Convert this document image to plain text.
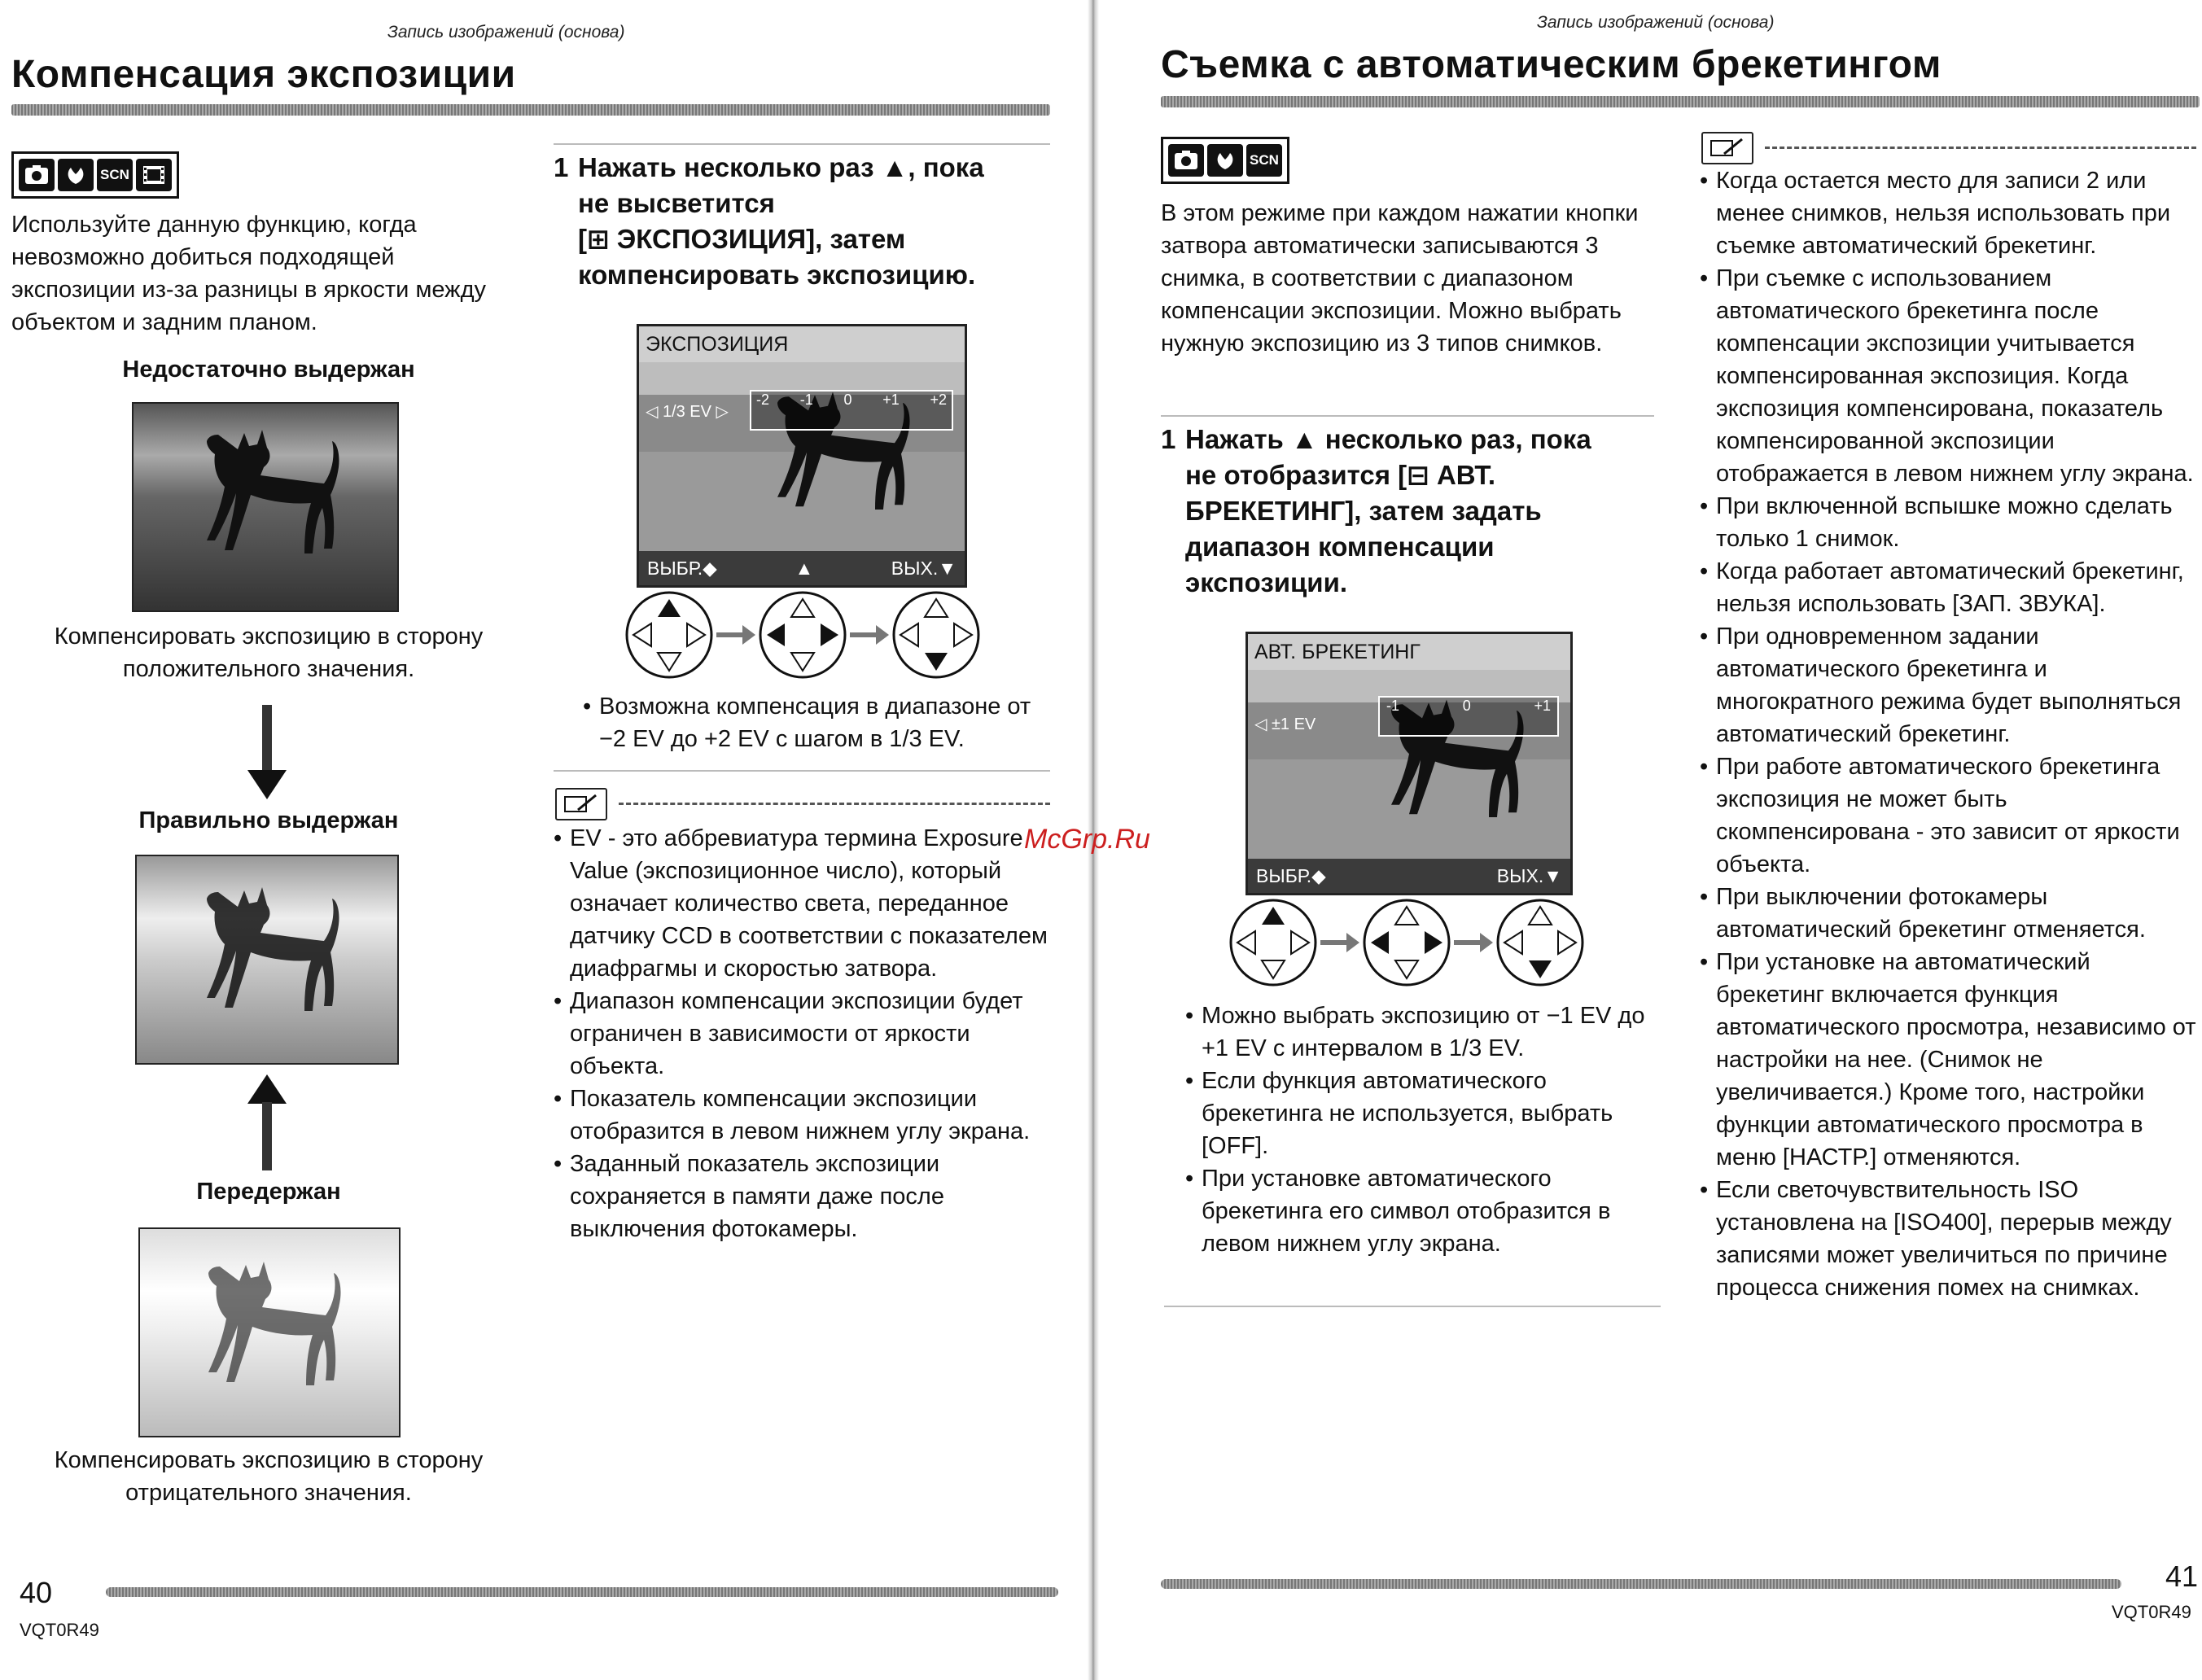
Запись изображений (основа)
Компенсация экспозиции
SCN

Используйте данную функцию, когда невозможно добиться подходящей экспозиции из-за разницы в яркости между объектом и задним планом.

Недостаточно выдержан

Компенсировать экспозицию в сторону положительного значения.

Правильно выдержан
Передержан

Компенсировать экспозицию в сторону отрицательного значения.

1 Нажать несколько раз ▲, пока
не высветится
[⊞ ЭКСПОЗИЦИЯ], затем
компенсировать экспозицию.

ЭКСПОЗИЦИЯ
◁ 1/3 EV ▷
-2 -1 0 +1 +2
ВЫБР.◆	▲	ВЫХ.▼
• Возможна компенсация в диапазоне от −2 EV до +2 EV с шагом в 1/3 EV.
• EV - это аббревиатура термина Exposure Value (экспозиционное число), который означает количество света, переданное датчику CCD в соответствии с показателем диафрагмы и скоростью затвора.
• Диапазон компенсации экспозиции будет ограничен в зависимости от яркости объекта.
• Показатель компенсации экспозиции отобразится в левом нижнем углу экрана.
• Заданный показатель экспозиции сохраняется в памяти даже после выключения фотокамеры.
40
VQT0R49
Запись изображений (основа)
Съемка с автоматическим брекетингом
SCN

В этом режиме при каждом нажатии кнопки затвора автоматически записываются 3 снимка, в соответствии с диапазоном компенсации экспозиции. Можно выбрать нужную экспозицию из 3 типов снимков.

1 Нажать ▲ несколько раз, пока
не отобразится [⊟ АВТ.
БРЕКЕТИНГ], затем задать
диапазон компенсации
экспозиции.

АВТ. БРЕКЕТИНГ
◁ ±1 EV
-1	0	+1
ВЫБР.◆	ВЫХ.▼
• Можно выбрать экспозицию от −1 EV до +1 EV с интервалом в 1/3 EV.
• Если функция автоматического брекетинга не используется, выбрать [OFF].
• При установке автоматического брекетинга его символ отобразится в левом нижнем углу экрана.
• Когда остается место для записи 2 или менее снимков, нельзя использовать при съемке автоматический брекетинг.
• При съемке с использованием автоматического брекетинга после компенсации экспозиции учитывается компенсированная экспозиция. Когда экспозиция компенсирована, показатель компенсированной экспозиции отображается в левом нижнем углу экрана.
• При включенной вспышке можно сделать только 1 снимок.
• Когда работает автоматический брекетинг, нельзя использовать [ЗАП. ЗВУКА].
• При одновременном задании автоматического брекетинга и многократного режима будет выполняться автоматический брекетинг.
• При работе автоматического брекетинга экспозиция не может быть скомпенсирована - это зависит от яркости объекта.
• При выключении фотокамеры автоматический брекетинг отменяется.
• При установке на автоматический брекетинг включается функция автоматического просмотра, независимо от настройки на нее. (Снимок не увеличивается.) Кроме того, настройки функции автоматического просмотра в меню [НАСТР.] отменяются.
• Если светочувствительность ISO установлена на [ISO400], перерыв между записями может увеличиться по причине процесса снижения помех на снимках.
41
VQT0R49
McGrp.Ru
